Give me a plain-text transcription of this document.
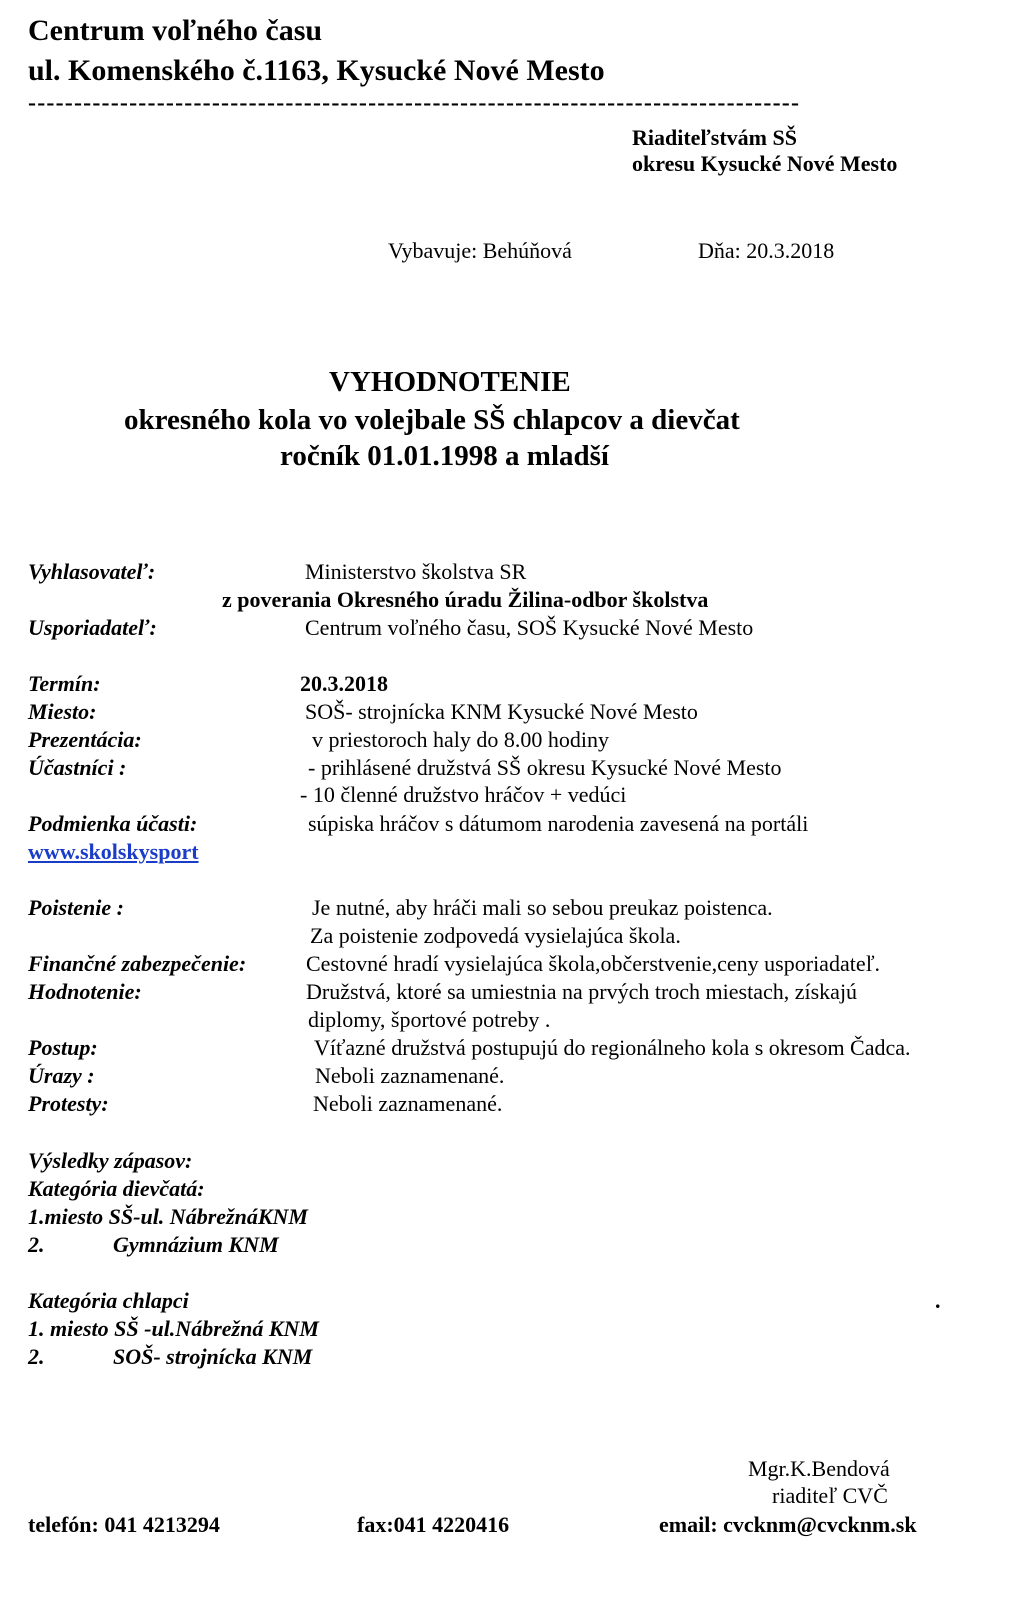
Centrum voľného času
ul. Komenského č.1163, Kysucké Nové Mesto
------------------------------------------------------------------------------------
Riaditeľstvám SŠ
okresu Kysucké Nové Mesto
Vybavuje: Behúňová	Dňa: 20.3.2018
VYHODNOTENIE
okresného kola vo volejbale SŠ chlapcov a dievčat
ročník 01.01.1998 a mladší
Vyhlasovateľ:	Ministerstvo školstva SR
z poverania Okresného úradu Žilina-odbor školstva
Usporiadateľ:	Centrum voľného času, SOŠ Kysucké Nové Mesto
Termín:	20.3.2018
Miesto:	SOŠ- strojnícka KNM Kysucké Nové Mesto
Prezentácia:	v priestoroch haly do 8.00 hodiny
Účastníci :	- prihlásené družstvá SŠ okresu Kysucké Nové Mesto
- 10 členné družstvo hráčov + vedúci
Podmienka účasti:	súpiska hráčov s dátumom narodenia zavesená na portáli
www.skolskysport
Poistenie :	Je nutné, aby hráči mali so sebou preukaz poistenca.
Za poistenie zodpovedá vysielajúca škola.
Finančné zabezpečenie:	Cestovné hradí vysielajúca škola,občerstvenie,ceny usporiadateľ.
Hodnotenie:	Družstvá, ktoré sa umiestnia na prvých troch miestach, získajú
diplomy, športové potreby .
Postup:	Víťazné družstvá postupujú do regionálneho kola s okresom Čadca.
Úrazy :	Neboli zaznamenané.
Protesty:	Neboli zaznamenané.
Výsledky zápasov:
Kategória dievčatá:
1.miesto SŠ-ul. NábrežnáKNM
2.	Gymnázium KNM
Kategória chlapci	.
1. miesto SŠ -ul.Nábrežná KNM
2.	SOŠ- strojnícka KNM
Mgr.K.Bendová
riaditeľ CVČ
telefón: 041 4213294	fax:041 4220416	email: cvcknm@cvcknm.sk
